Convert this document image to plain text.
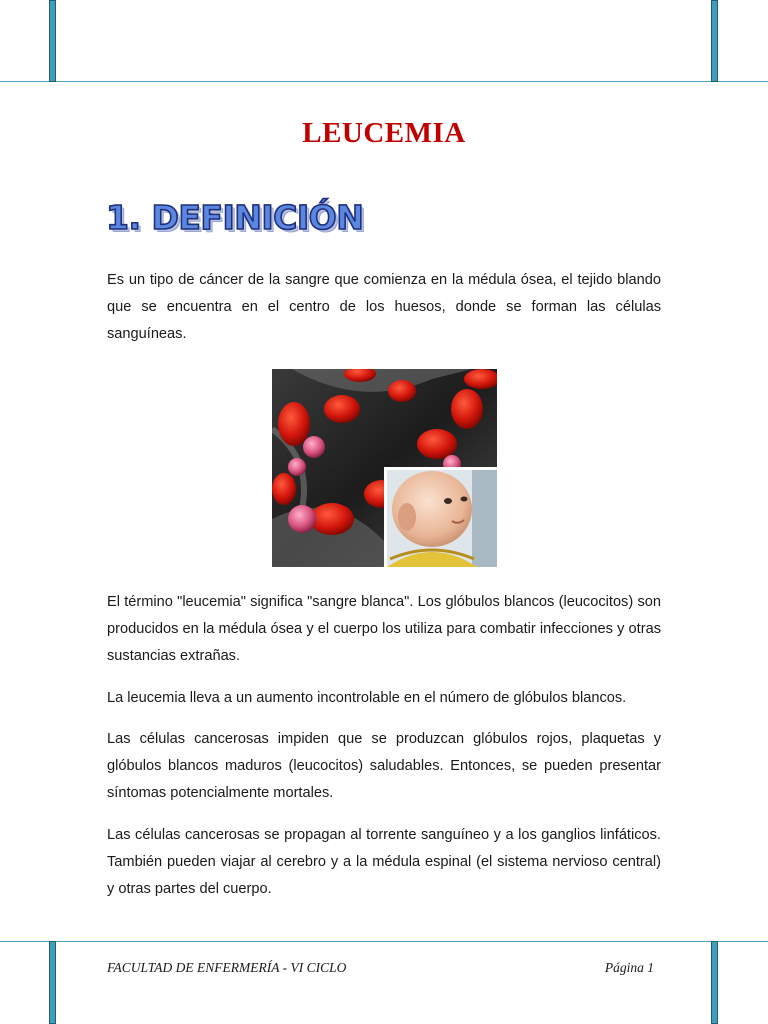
LEUCEMIA
1. DEFINICIÓN

Es un tipo de cáncer de la sangre que comienza en la médula ósea, el tejido blando que se encuentra en el centro de los huesos, donde se forman las células sanguíneas.

El término "leucemia" significa "sangre blanca". Los glóbulos blancos (leucocitos) son producidos en la médula ósea y el cuerpo los utiliza para combatir infecciones y otras sustancias extrañas.

La leucemia lleva a un aumento incontrolable en el número de glóbulos blancos.

Las células cancerosas impiden que se produzcan glóbulos rojos, plaquetas y glóbulos blancos maduros (leucocitos) saludables. Entonces, se pueden presentar síntomas potencialmente mortales.

Las células cancerosas se propagan al torrente sanguíneo y a los ganglios linfáticos. También pueden viajar al cerebro y a la médula espinal (el sistema nervioso central) y otras partes del cuerpo.

FACULTAD DE ENFERMERÍA - VI CICLO	Página 1
